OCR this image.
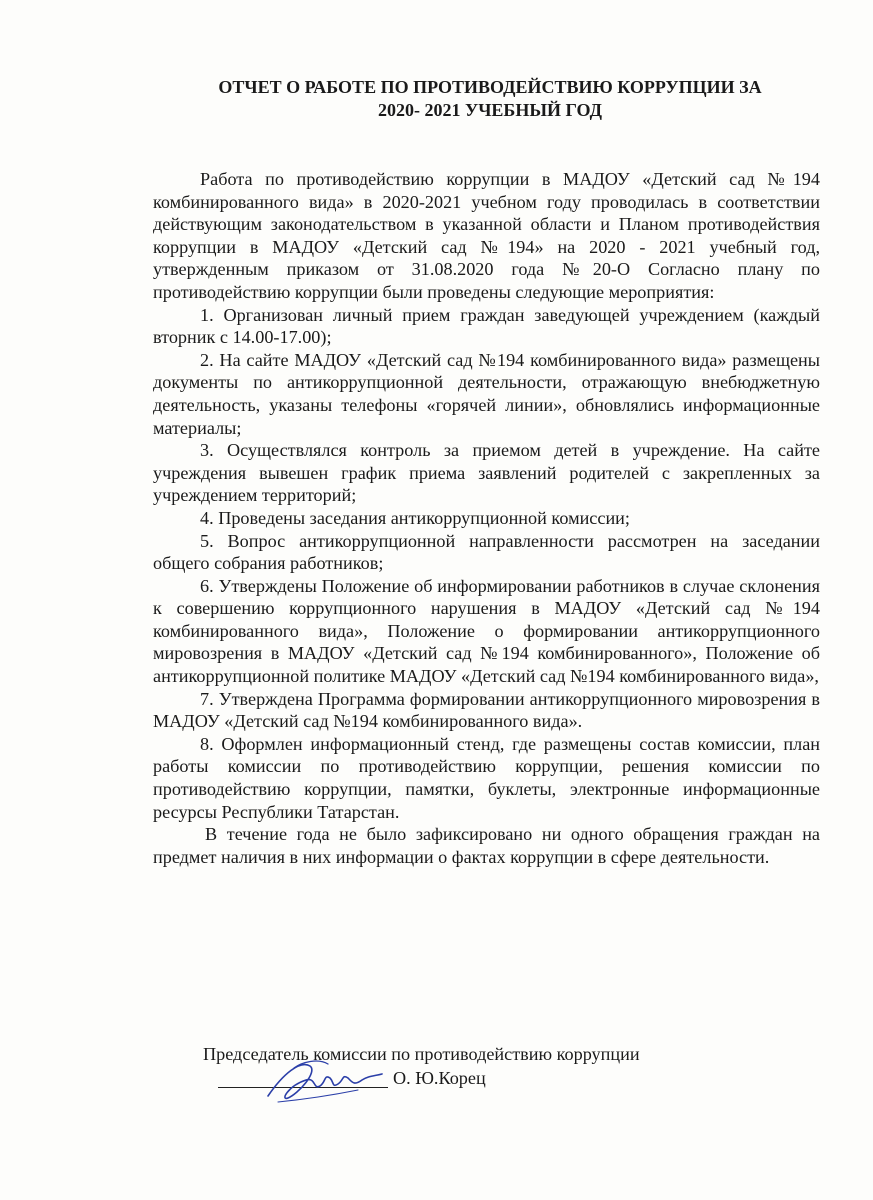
ОТЧЕТ О РАБОТЕ ПО ПРОТИВОДЕЙСТВИЮ КОРРУПЦИИ ЗА
2020- 2021 УЧЕБНЫЙ ГОД

Работа по противодействию коррупции в МАДОУ «Детский сад №194 комбинированного вида» в 2020-2021 учебном году проводилась в соответствии действующим законодательством в указанной области и Планом противодействия коррупции в МАДОУ «Детский сад №194» на 2020 - 2021 учебный год, утвержденным приказом от 31.08.2020 года №20-О Согласно плану по противодействию коррупции были проведены следующие мероприятия:

1. Организован личный прием граждан заведующей учреждением (каждый вторник с 14.00-17.00);

2. На сайте МАДОУ «Детский сад №194 комбинированного вида» размещены документы по антикоррупционной деятельности, отражающую внебюджетную деятельность, указаны телефоны «горячей линии», обновлялись информационные материалы;

3. Осуществлялся контроль за приемом детей в учреждение. На сайте учреждения вывешен график приема заявлений родителей с закрепленных за учреждением территорий;

4. Проведены заседания антикоррупционной комиссии;

5. Вопрос антикоррупционной направленности рассмотрен на заседании общего собрания работников;

6. Утверждены Положение об информировании работников в случае склонения к совершению коррупционного нарушения в МАДОУ «Детский сад №194 комбинированного вида», Положение о формировании антикоррупционного мировозрения в МАДОУ «Детский сад №194 комбинированного», Положение об антикоррупционной политике МАДОУ «Детский сад №194 комбинированного вида»,

7. Утверждена Программа формировании антикоррупционного мировозрения в МАДОУ «Детский сад №194 комбинированного вида».

8. Оформлен информационный стенд, где размещены состав комиссии, план работы комиссии по противодействию коррупции, решения комиссии по противодействию коррупции, памятки, буклеты, электронные информационные ресурсы Республики Татарстан.

В течение года не было зафиксировано ни одного обращения граждан на предмет наличия в них информации о фактах коррупции в сфере деятельности.

Председатель комиссии по противодействию коррупции
О. Ю.Корец
